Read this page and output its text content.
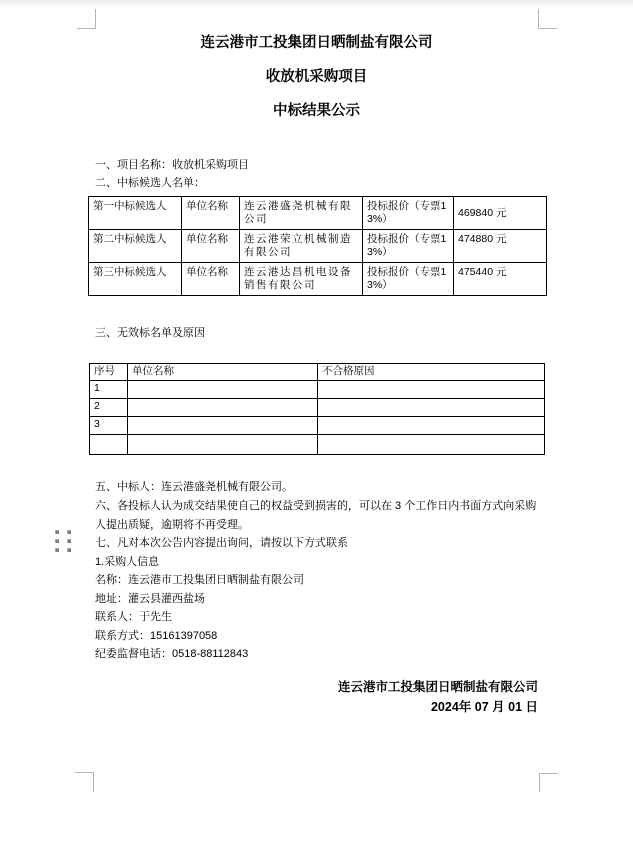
连云港市工投集团日晒制盐有限公司

收放机采购项目

中标结果公示

一、项目名称：收放机采购项目

二、中标候选人名单：

第一中标候选人	单位名称	连云港盛尧机械有限公司	投标报价（专票13%）	469840 元
第二中标候选人	单位名称	连云港荣立机械制造有限公司	投标报价（专票13%）	474880 元
第三中标候选人	单位名称	连云港达昌机电设备销售有限公司	投标报价（专票13%）	475440 元

三、无效标名单及原因

序号	单位名称	不合格原因
1		
2		
3		

五、中标人：连云港盛尧机械有限公司。

六、各投标人认为成交结果使自己的权益受到损害的，可以在 3 个工作日内书面方式向采购人提出质疑，逾期将不再受理。

七、凡对本次公告内容提出询问，请按以下方式联系

1.采购人信息

名称：连云港市工投集团日晒制盐有限公司

地址：灌云县灌西盐场

联系人：于先生

联系方式：15161397058

纪委监督电话：0518-88112843

连云港市工投集团日晒制盐有限公司

2024年 07 月 01 日
